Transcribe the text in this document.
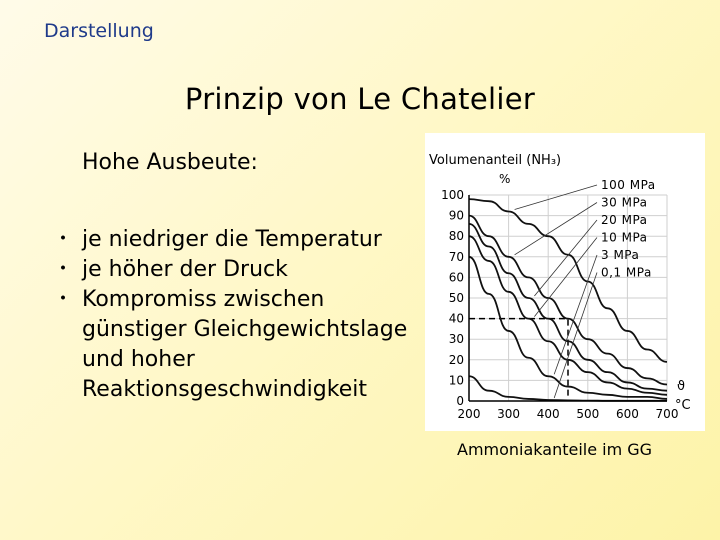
Darstellung
Prinzip von Le Chatelier
Hohe Ausbeute:
・ je niedriger die Temperatur
・ je höher der Druck
・ Kompromiss zwischen günstiger Gleichgewichtslage und hoher Reaktionsgeschwindigkeit	0
10
20
30
40
50
60
70
80
90
100
200 300 400 500 600 700
100 MPa
30 MPa
20 MPa
10 MPa
3 MPa
0,1 MPa
Volumenanteil (NH₃)
%
ϑ
°C
Ammoniakanteile im GG
